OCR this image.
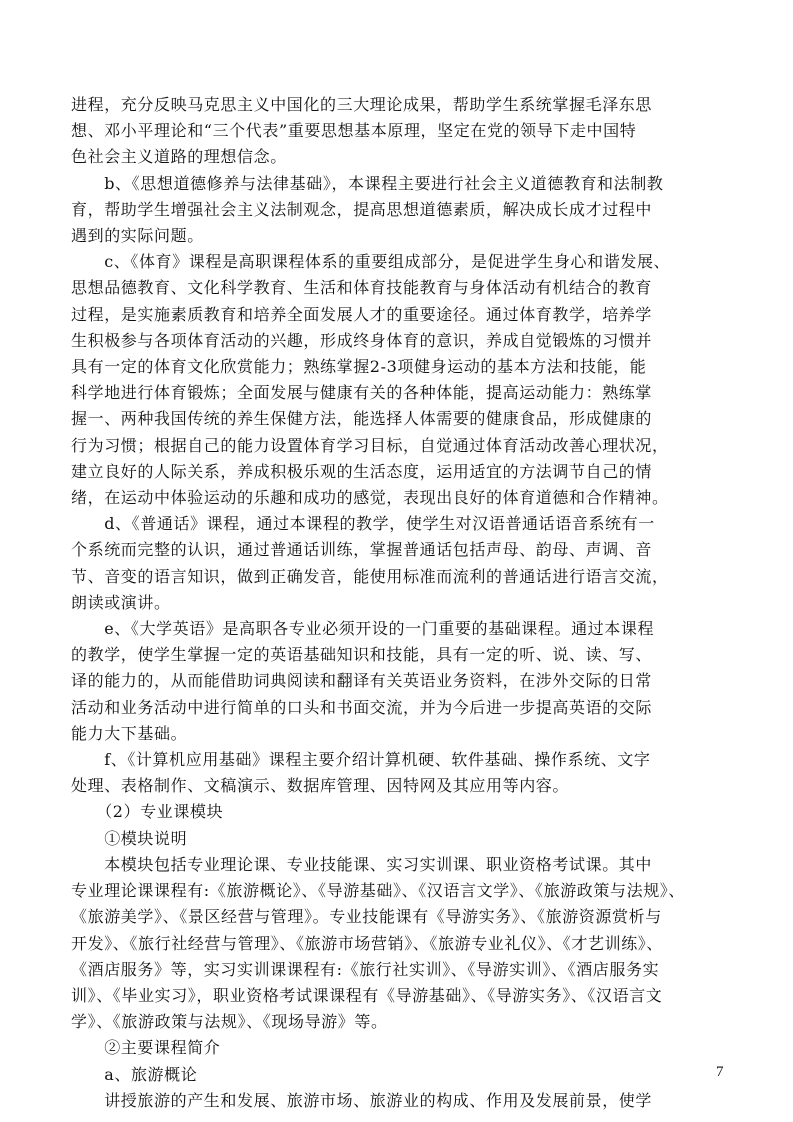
进程，充分反映马克思主义中国化的三大理论成果，帮助学生系统掌握毛泽东思
想、邓小平理论和“三个代表”重要思想基本原理，坚定在党的领导下走中国特
色社会主义道路的理想信念。
　　b、《思想道德修养与法律基础》，本课程主要进行社会主义道德教育和法制教
育，帮助学生增强社会主义法制观念，提高思想道德素质，解决成长成才过程中
遇到的实际问题。
　　c、《体育》课程是高职课程体系的重要组成部分，是促进学生身心和谐发展、
思想品德教育、文化科学教育、生活和体育技能教育与身体活动有机结合的教育
过程，是实施素质教育和培养全面发展人才的重要途径。通过体育教学，培养学
生积极参与各项体育活动的兴趣，形成终身体育的意识，养成自觉锻炼的习惯并
具有一定的体育文化欣赏能力；熟练掌握2-3项健身运动的基本方法和技能，能
科学地进行体育锻炼；全面发展与健康有关的各种体能，提高运动能力：熟练掌
握一、两种我国传统的养生保健方法，能选择人体需要的健康食品，形成健康的
行为习惯；根据自己的能力设置体育学习目标，自觉通过体育活动改善心理状况，
建立良好的人际关系，养成积极乐观的生活态度，运用适宜的方法调节自己的情
绪，在运动中体验运动的乐趣和成功的感觉，表现出良好的体育道德和合作精神。
　　d、《普通话》课程，通过本课程的教学，使学生对汉语普通话语音系统有一
个系统而完整的认识，通过普通话训练，掌握普通话包括声母、韵母、声调、音
节、音变的语言知识，做到正确发音，能使用标准而流利的普通话进行语言交流，
朗读或演讲。
　　e、《大学英语》是高职各专业必须开设的一门重要的基础课程。通过本课程
的教学，使学生掌握一定的英语基础知识和技能，具有一定的听、说、读、写、
译的能力的，从而能借助词典阅读和翻译有关英语业务资料，在涉外交际的日常
活动和业务活动中进行简单的口头和书面交流，并为今后进一步提高英语的交际
能力大下基础。
　　f、《计算机应用基础》课程主要介绍计算机硬、软件基础、操作系统、文字
处理、表格制作、文稿演示、数据库管理、因特网及其应用等内容。
　　（2）专业课模块
　　①模块说明
　　本模块包括专业理论课、专业技能课、实习实训课、职业资格考试课。其中
专业理论课课程有:《旅游概论》、《导游基础》、《汉语言文学》、《旅游政策与法规》、
《旅游美学》、《景区经营与管理》。专业技能课有《导游实务》、《旅游资源赏析与
开发》、《旅行社经营与管理》、《旅游市场营销》、《旅游专业礼仪》、《才艺训练》、
《酒店服务》等，实习实训课课程有:《旅行社实训》、《导游实训》、《酒店服务实
训》、《毕业实习》，职业资格考试课课程有《导游基础》、《导游实务》、《汉语言文
学》、《旅游政策与法规》、《现场导游》等。
　　②主要课程简介
　　a、旅游概论
　　讲授旅游的产生和发展、旅游市场、旅游业的构成、作用及发展前景，使学
7
